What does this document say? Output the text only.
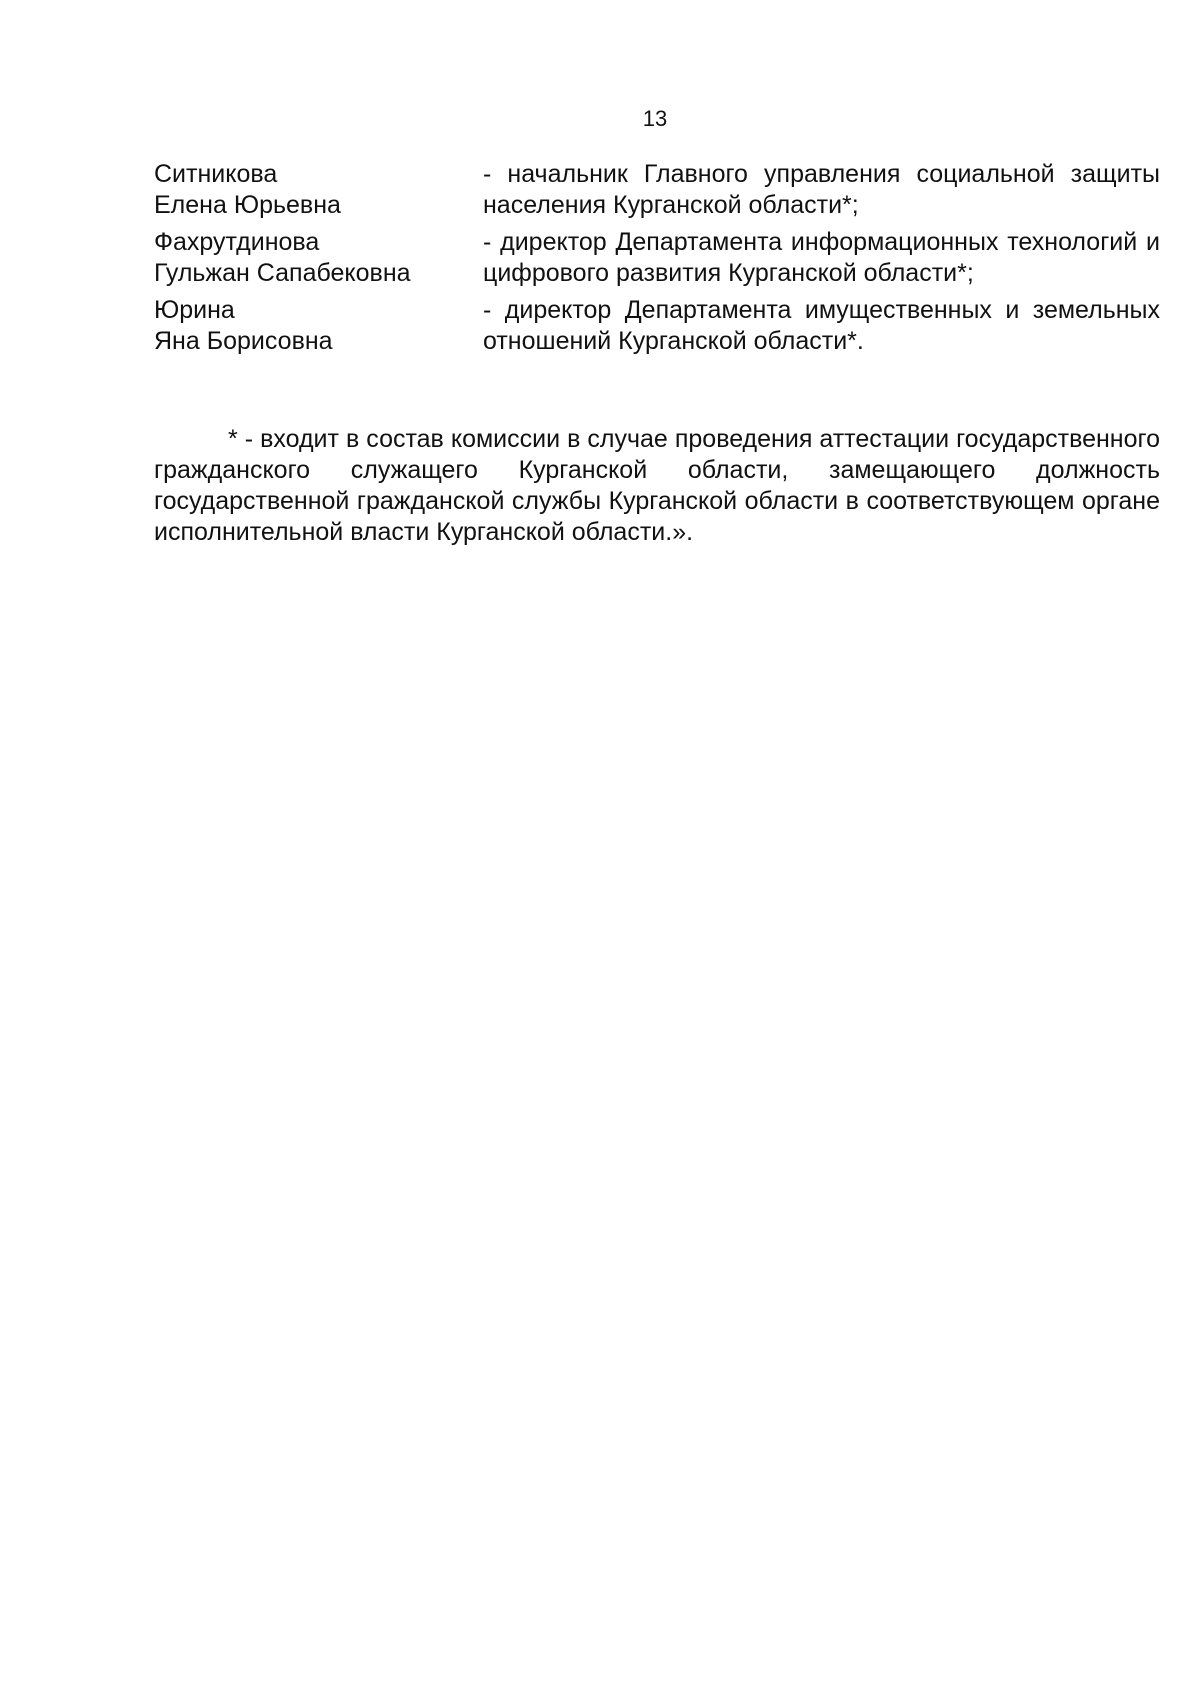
13
Ситникова
Елена Юрьевна
- начальник Главного управления социальной защиты населения Курганской области*;
Фахрутдинова
Гульжан Сапабековна
- директор Департамента информационных технологий и цифрового развития Курганской области*;
Юрина
Яна Борисовна
- директор Департамента имущественных и земельных отношений Курганской области*.

* - входит в состав комиссии в случае проведения аттестации государственного гражданского служащего Курганской области, замещающего должность государственной гражданской службы Курганской области в соответствующем органе исполнительной власти Курганской области.».
